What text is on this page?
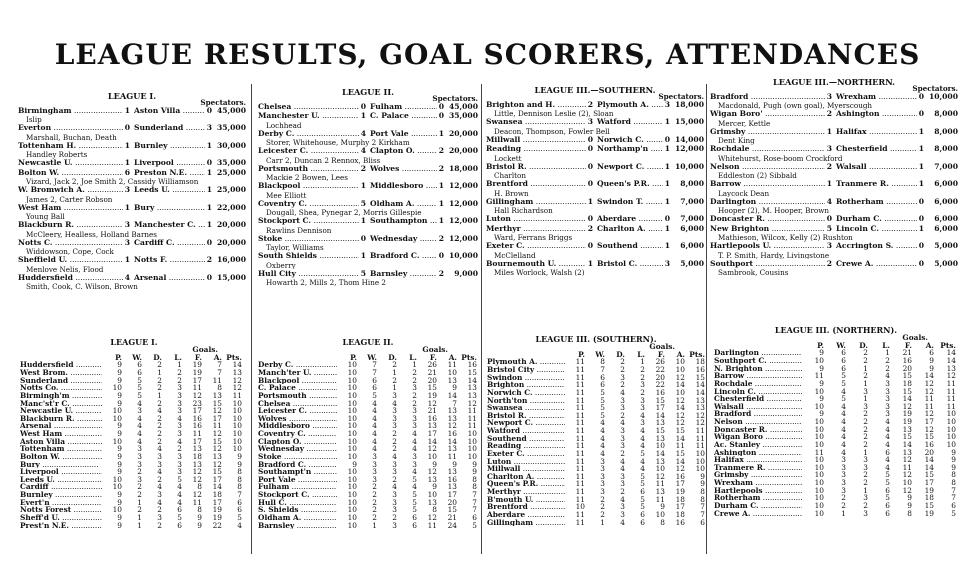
LEAGUE RESULTS, GOAL SCORERS, ATTENDANCES
LEAGUE I.
Spectators.
Birmingham .....	1 Aston Villa .....	0 45,000
Islip
Everton .....	0 Sunderland .....	3 35,000
Marshall, Buchan, Death
Tottenham H. .....	1 Burnley .....	1 30,000
Handley Roberts
Newcastle U. .....	1 Liverpool .....	0 35,000
Bolton W. .....	6 Preston N.E. .....	1 25,000
Vizard, Jack 2, Joe Smith 2, Cassidy Williamson
W. Bromwich A. .....	3 Leeds U. .....	1 25,000
James 2, Carter Robson
West Ham .....	1 Bury .....	1 22,000
Young Ball
Blackburn R. .....	3 Manchester C. .....	1 20,000
McCleery, Healless, Holland Barnes
Notts C. .....	3 Cardiff C. .....	0 20,000
Widdowson, Cope, Cock
Sheffield U. .....	1 Notts F. .....	2 16,000
Menlove Nelis, Flood
Huddersfield .....	4 Arsenal .....	0 15,000
Smith, Cook, C. Wilson, Brown
LEAGUE II.
Spectators.
Chelsea .....	0 Fulham .....	0 45,000
Manchester U. .....	1 C. Palace .....	0 35,000
Lochhead
Derby C. .....	4 Port Vale .....	1 20,000
Storer, Whitehouse, Murphy 2 Kirkham
Leicester C. .....	4 Clapton O. .....	2 20,000
Carr 2, Duncan 2 Rennox, Bliss
Portsmouth .....	2 Wolves .....	2 18,000
Mackie 2 Bowen, Lees
Blackpool .....	1 Middlesboro .....	1 12,000
Mee Elliott
Coventry C. .....	5 Oldham A. .....	1 12,000
Dougall, Shea, Pynegar 2, Morris Gillespie
Stockport C. .....	1 Southampton .....	1 12,000
Rawlins Dennison
Stoke .....	0 Wednesday .....	2 12,000
Taylor, Williams
South Shields .....	1 Bradford C. .....	0 10,000
Oxberry
Hull City .....	5 Barnsley .....	2	9,000
Howarth 2, Mills 2, Thom Hine 2
LEAGUE III.—SOUTHERN.
Spectators.
Brighton and H. .....	2 Plymouth A. .....	3 18,000
Little, Dennison Leslie (2), Sloan
Swansea .....	3 Watford .....	1 15,000
Deacon, Thompson, Fowler Bell
Millwall .....	0 Norwich C. .....	0 14,000
Reading .....	0 Northamp'n .....	1 12,000
Lockett
Bristol R. .....	0 Newport C. .....	1 10,000
Charlton
Brentford .....	0 Queen's P.R. .....	1	8,000
H. Brown
Gillingham .....	1 Swindon T. .....	1	7,000
Hall Richardson
Luton .....	0 Aberdare .....	0	7,000
Merthyr .....	2 Charlton A. .....	1	6,000
Ward, Ferrans Briggs
Exeter C. .....	0 Southend .....	1	6,000
McClelland
Bournemouth U. .....	1 Bristol C. .....	3	5,000
Miles Worlock, Walsh (2)
LEAGUE III.—NORTHERN.
Spectators.
Bradford .....	3 Wrexham .....	0 10,000
Macdonald, Pugh (own goal), Myerscough
Wigan Boro' .....	2 Ashington .....	0	8,000
Mercer, Kettle
Grimsby .....	1 Halifax .....	1	8,000
Dent King
Rochdale .....	3 Chesterfield .....	1	8,000
Whitehurst, Rose-boom Crockford
Nelson .....	2 Walsall .....	1	7,000
Eddleston (2) Sibbald
Barrow .....	1 Tranmere R. .....	1	6,000
Laycock Dean
Darlington .....	4 Rotherham .....	0	6,000
Hooper (2), M. Hooper, Brown
Doncaster R. .....	0 Durham C. .....	0	6,000
New Brighton .....	5 Lincoln C. .....	1	6,000
Mathieson, Wilcox, Kelly (2) Rushton
Hartlepools U. .....	3 Accrington S. .....	0	5,000
T. P. Smith, Hardy, Livingstone
Southport .....	2 Crewe A. .....	0	5,000
Sambrook, Cousins
LEAGUE I.
Goals.
P.	W.	D.	L.	F.	A. Pts.
Huddersfield .....	9	6	2	1	19	7	14
West Brom. .....	9	6	1	2	19	7	13
Sunderland .....	9	5	2	2	17	11	12
Notts Co. .....	10	5	2	3	11	8	12
Birmingh'm .....	9	5	1	3	12	13	11
Manc'st'r C. .....	9	4	2	3	23	15	10
Newcastle U. .....	10	3	4	3	17	12	10
Blackburn R. .....	10	4	2	4	16	17	10
Arsenal .....	9	4	2	3	16	11	10
West Ham .....	9	4	2	3	11	12	10
Aston Villa .....	10	4	2	4	17	15	10
Tottenham .....	9	3	4	2	13	12	10
Bolton W. .....	9	3	3	3	18	13	9
Bury .....	9	3	3	3	13	12	9
Liverpool .....	9	2	4	3	12	15	8
Leeds U. .....	10	3	2	5	12	17	8
Cardiff .....	10	2	4	4	8	14	8
Burnley .....	9	2	3	4	12	18	7
Evert'n .....	9	1	4	4	11	17	6
Notts Forest .....	10	2	2	6	8	19	6
Sheff'd U. .....	9	1	3	5	9	19	5
Prest'n N.E. .....	9	1	2	6	9	22	4
LEAGUE II.
Goals.
P.	W.	D.	L.	F.	A. Pts.
Derby C. .....	10	7	2	1	26	11	16
Manch'ter U. .....	10	7	1	2	21	10	15
Blackpool .....	10	6	2	2	20	13	14
C. Palace .....	10	6	1	3	15	9	13
Portsmouth .....	10	5	3	2	19	14	13
Chelsea .....	10	4	4	2	12	7	12
Leicester C. .....	10	4	3	3	21	13	11
Wolves .....	10	4	3	3	16	13	11
Middlesboro .....	10	4	3	3	13	12	11
Coventry C. .....	10	4	2	4	17	16	10
Clapton O. .....	10	4	2	4	14	14	10
Wednesday .....	10	4	2	4	12	13	10
Stoke .....	10	3	4	3	10	11	10
Bradford C. .....	9	3	3	3	9	9	9
Southampt'n .....	10	3	3	4	12	13	9
Port Vale .....	10	3	2	5	13	16	8
Fulham .....	10	2	4	4	9	13	8
Stockport C. .....	10	2	3	5	10	17	7
Hull C. .....	10	2	3	5	13	20	7
S. Shields .....	10	2	3	5	8	15	7
Oldham A. .....	10	2	2	6	12	21	6
Barnsley .....	10	1	3	6	11	24	5
LEAGUE III. (SOUTHERN).
Goals.
P.	W.	D.	L.	F.	A. Pts.
Plymouth A. .....	11	8	2	1	26	10	18
Bristol City .....	11	7	2	2	22	10	16
Swindon .....	11	6	3	2	20	12	15
Brighton .....	11	6	2	3	22	14	14
Norwich C. .....	11	5	4	2	16	10	14
North'ton .....	11	5	3	3	15	12	13
Swansea .....	11	5	3	3	17	14	13
Bristol R. .....	11	5	2	4	14	12	12
Newport C. .....	11	4	4	3	13	12	12
Watford .....	11	4	3	4	15	15	11
Southend .....	11	4	3	4	13	14	11
Reading .....	11	4	3	4	10	11	11
Exeter C. .....	11	4	2	5	14	15	10
Luton .....	11	3	4	4	13	14	10
Millwall .....	11	3	4	4	10	12	10
Charlton A. .....	11	3	3	5	12	16	9
Queen's P.R. .....	11	3	3	5	11	17	9
Merthyr .....	11	3	2	6	13	19	8
B'mouth U. .....	11	2	4	5	11	18	8
Brentford .....	10	2	3	5	9	17	7
Aberdare .....	11	2	3	6	10	18	7
Gillingham .....	11	1	4	6	8	16	6
LEAGUE III. (NORTHERN).
Goals.
P.	W.	D.	L.	F.	A. Pts.
Darlington .....	9	6	2	1	21	6	14
Southport C. .....	10	6	2	2	16	9	14
N. Brighton .....	9	6	1	2	20	9	13
Barrow .....	11	5	2	4	15	14	12
Rochdale .....	9	5	1	3	18	12	11
Lincoln C. .....	10	4	3	3	15	12	11
Chesterfield .....	9	5	1	3	14	11	11
Walsall .....	10	4	3	3	12	11	11
Bradford .....	9	4	2	3	19	12	10
Nelson .....	10	4	2	4	19	17	10
Doncaster R. .....	10	4	2	4	13	12	10
Wigan Boro .....	10	4	2	4	15	15	10
Ac. Stanley .....	10	4	2	4	14	16	10
Ashington .....	11	4	1	6	13	20	9
Halifax .....	10	3	3	4	12	14	9
Tranmere R. .....	10	3	3	4	11	14	9
Grimsby .....	10	3	2	5	12	15	8
Wrexham .....	10	3	2	5	10	17	8
Hartlepools .....	10	3	1	6	12	19	7
Rotherham .....	10	2	3	5	9	18	7
Durham C. .....	10	2	2	6	9	15	6
Crewe A. .....	10	1	3	6	8	19	5
